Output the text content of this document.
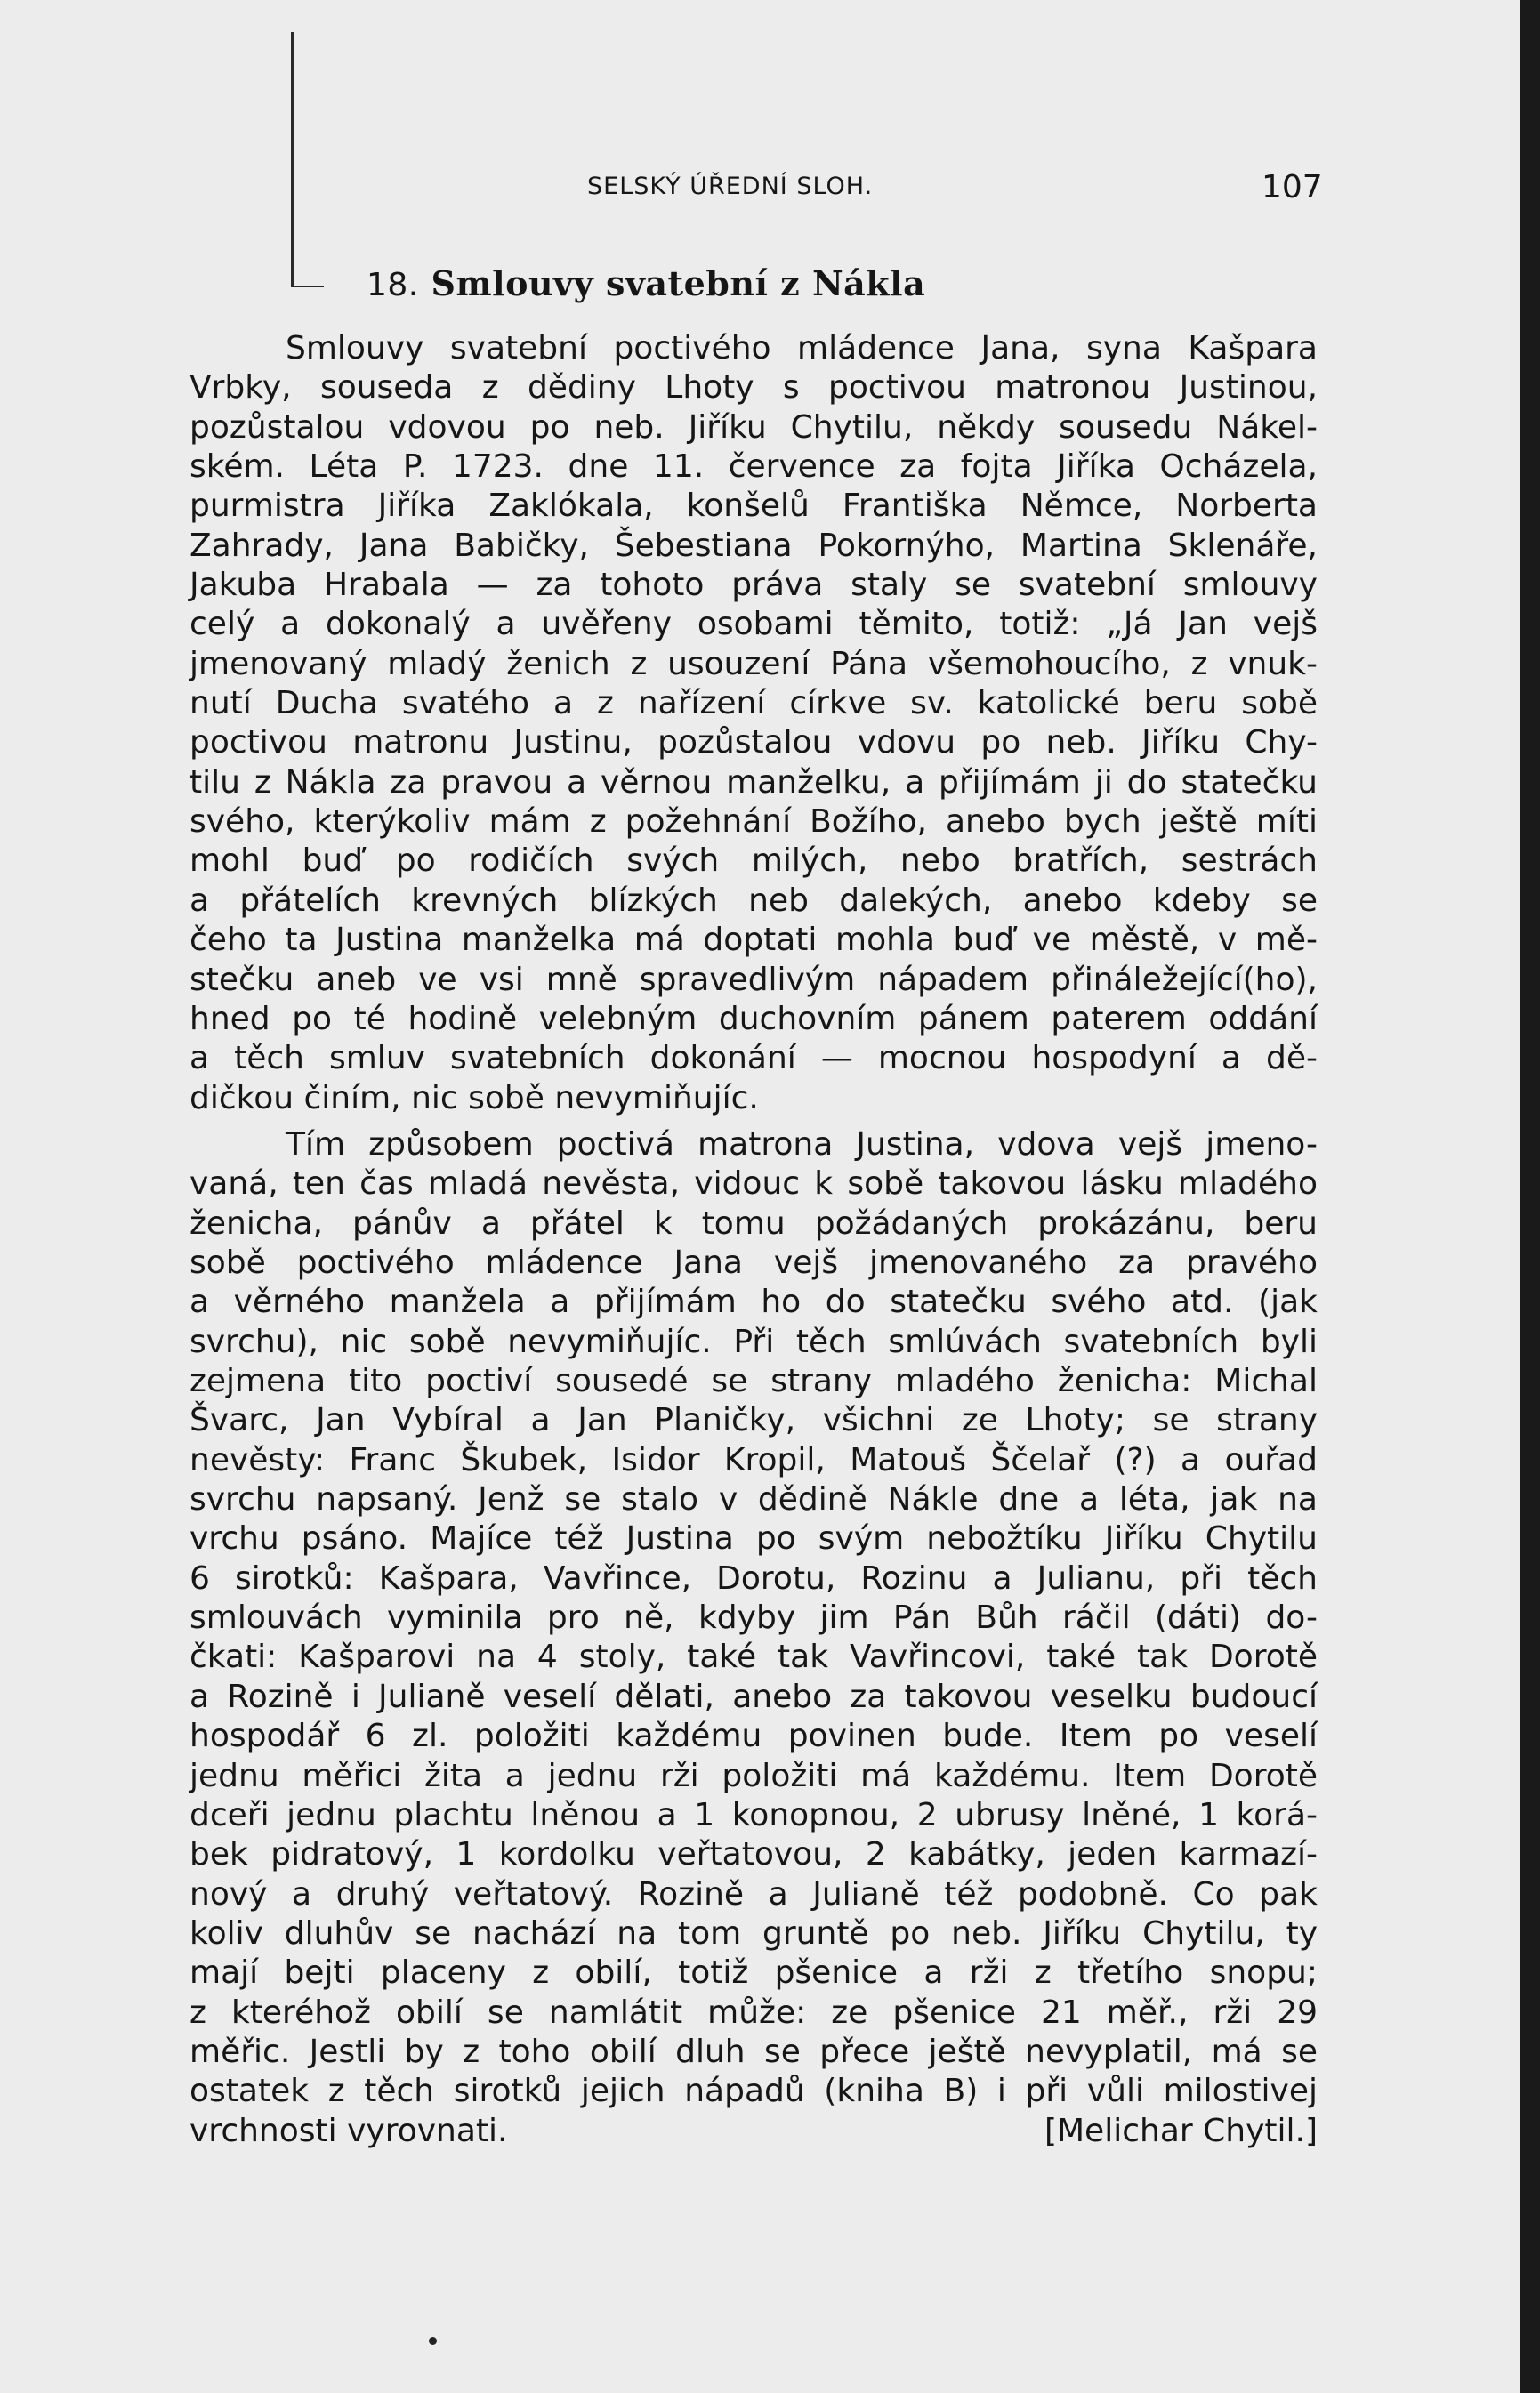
SELSKÝ ÚŘEDNÍ SLOH.	107
18. Smlouvy svatební z Nákla
Smlouvy svatební poctivého mládence Jana, syna Kašpara
Vrbky, souseda z dědiny Lhoty s poctivou matronou Justinou,
pozůstalou vdovou po neb. Jiříku Chytilu, někdy sousedu Nákel-
ském. Léta P. 1723. dne 11. července za fojta Jiříka Ocházela,
purmistra Jiříka Zaklókala, konšelů Františka Němce, Norberta
Zahrady, Jana Babičky, Šebestiana Pokornýho, Martina Sklenáře,
Jakuba Hrabala — za tohoto práva staly se svatební smlouvy
celý a dokonalý a uvěřeny osobami těmito, totiž: „Já Jan vejš
jmenovaný mladý ženich z usouzení Pána všemohoucího, z vnuk-
nutí Ducha svatého a z nařízení církve sv. katolické beru sobě
poctivou matronu Justinu, pozůstalou vdovu po neb. Jiříku Chy-
tilu z Nákla za pravou a věrnou manželku, a přijímám ji do statečku
svého, kterýkoliv mám z požehnání Božího, anebo bych ještě míti
mohl buď po rodičích svých milých, nebo bratřích, sestrách
a přátelích krevných blízkých neb dalekých, anebo kdeby se
čeho ta Justina manželka má doptati mohla buď ve městě, v mě-
stečku aneb ve vsi mně spravedlivým nápadem přináležející(ho),
hned po té hodině velebným duchovním pánem paterem oddání
a těch smluv svatebních dokonání — mocnou hospodyní a dě-
dičkou činím, nic sobě nevymiňujíc.
Tím způsobem poctivá matrona Justina, vdova vejš jmeno-
vaná, ten čas mladá nevěsta, vidouc k sobě takovou lásku mladého
ženicha, pánův a přátel k tomu požádaných prokázánu, beru
sobě poctivého mládence Jana vejš jmenovaného za pravého
a věrného manžela a přijímám ho do statečku svého atd. (jak
svrchu), nic sobě nevymiňujíc. Při těch smlúvách svatebních byli
zejmena tito poctiví sousedé se strany mladého ženicha: Michal
Švarc, Jan Vybíral a Jan Planičky, všichni ze Lhoty; se strany
nevěsty: Franc Škubek, Isidor Kropil, Matouš Ščelař (?) a ouřad
svrchu napsaný. Jenž se stalo v dědině Nákle dne a léta, jak na
vrchu psáno. Majíce též Justina po svým nebožtíku Jiříku Chytilu
6 sirotků: Kašpara, Vavřince, Dorotu, Rozinu a Julianu, při těch
smlouvách vyminila pro ně, kdyby jim Pán Bůh ráčil (dáti) do-
čkati: Kašparovi na 4 stoly, také tak Vavřincovi, také tak Dorotě
a Rozině i Julianě veselí dělati, anebo za takovou veselku budoucí
hospodář 6 zl. položiti každému povinen bude. Item po veselí
jednu měřici žita a jednu rži položiti má každému. Item Dorotě
dceři jednu plachtu lněnou a 1 konopnou, 2 ubrusy lněné, 1 korá-
bek pidratový, 1 kordolku veřtatovou, 2 kabátky, jeden karmazí-
nový a druhý veřtatový. Rozině a Julianě též podobně. Co pak
koliv dluhův se nachází na tom gruntě po neb. Jiříku Chytilu, ty
mají bejti placeny z obilí, totiž pšenice a rži z třetího snopu;
z kteréhož obilí se namlátit může: ze pšenice 21 měř., rži 29
měřic. Jestli by z toho obilí dluh se přece ještě nevyplatil, má se
ostatek z těch sirotků jejich nápadů (kniha B) i při vůli milostivej
vrchnosti vyrovnati.	[Melichar Chytil.]
